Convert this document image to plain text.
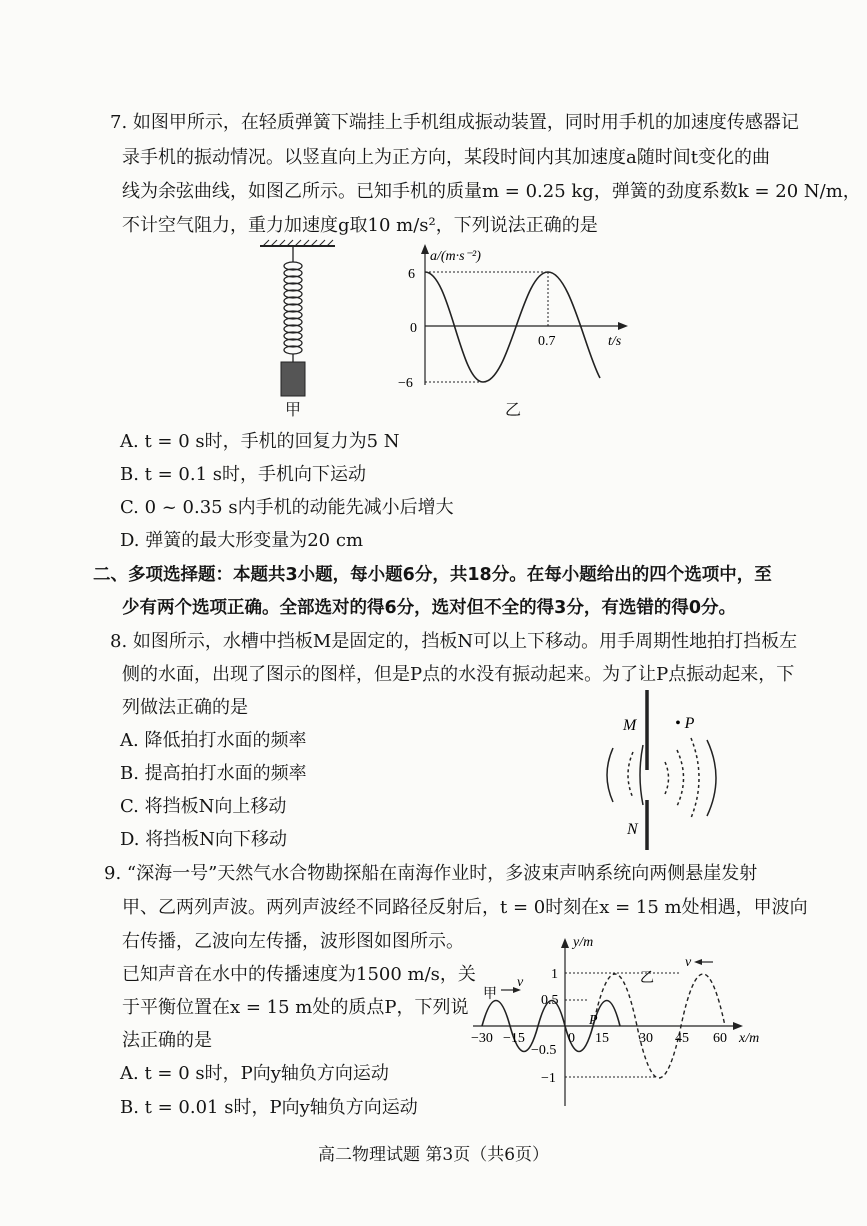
7. 如图甲所示，在轻质弹簧下端挂上手机组成振动装置，同时用手机的加速度传感器记
录手机的振动情况。以竖直向上为正方向，某段时间内其加速度a随时间t变化的曲
线为余弦曲线，如图乙所示。已知手机的质量m = 0.25 kg，弹簧的劲度系数k = 20 N/m，
不计空气阻力，重力加速度g取10 m/s²，下列说法正确的是
甲
a/(m·s⁻²)
6
0
−6
0.7	t/s
乙
A. t = 0 s时，手机的回复力为5 N
B. t = 0.1 s时，手机向下运动
C. 0 ~ 0.35 s内手机的动能先减小后增大
D. 弹簧的最大形变量为20 cm
二、多项选择题：本题共3小题，每小题6分，共18分。在每小题给出的四个选项中，至
少有两个选项正确。全部选对的得6分，选对但不全的得3分，有选错的得0分。
8. 如图所示，水槽中挡板M是固定的，挡板N可以上下移动。用手周期性地拍打挡板左
侧的水面，出现了图示的图样，但是P点的水没有振动起来。为了让P点振动起来，下
列做法正确的是
A. 降低拍打水面的频率
B. 提高拍打水面的频率
C. 将挡板N向上移动
D. 将挡板N向下移动
M • P
N
9. “深海一号”天然气水合物勘探船在南海作业时，多波束声呐系统向两侧悬崖发射
甲、乙两列声波。两列声波经不同路径反射后，t = 0时刻在x = 15 m处相遇，甲波向
右传播，乙波向左传播，波形图如图所示。
已知声音在水中的传播速度为1500 m/s，关
于平衡位置在x = 15 m处的质点P，下列说
法正确的是
A. t = 0 s时，P向y轴负方向运动
B. t = 0.01 s时，P向y轴负方向运动
y/m
1
0.5
−0.5
−1
−30 −15	0 15 30 45 60 x/m
甲
v	乙
v
P
高二物理试题 第3页（共6页）
